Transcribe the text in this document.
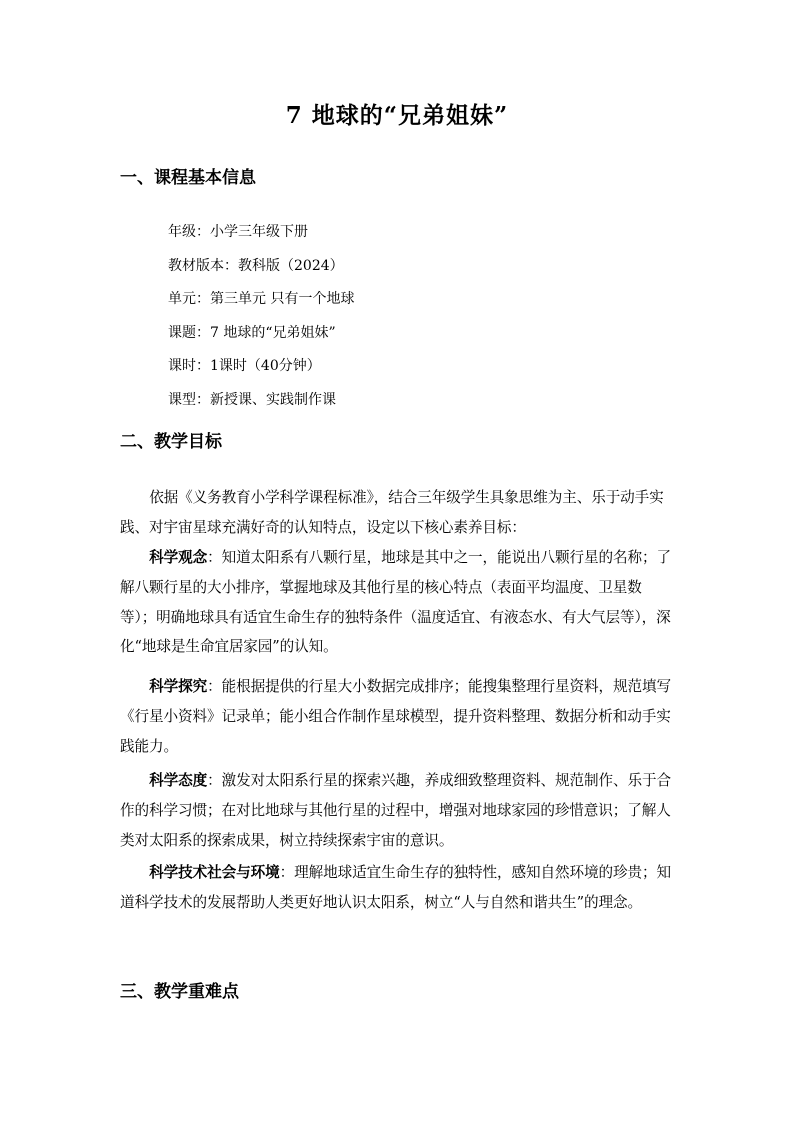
7 地球的“兄弟姐妹”
一、课程基本信息
年级：小学三年级下册
教材版本：教科版（2024）
单元：第三单元 只有一个地球
课题：7 地球的“兄弟姐妹”
课时：1课时（40分钟）
课型：新授课、实践制作课
二、教学目标

依据《义务教育小学科学课程标准》，结合三年级学生具象思维为主、乐于动手实践、对宇宙星球充满好奇的认知特点，设定以下核心素养目标：

科学观念：知道太阳系有八颗行星，地球是其中之一，能说出八颗行星的名称；了解八颗行星的大小排序，掌握地球及其他行星的核心特点（表面平均温度、卫星数等）；明确地球具有适宜生命生存的独特条件（温度适宜、有液态水、有大气层等），深化“地球是生命宜居家园”的认知。

科学探究：能根据提供的行星大小数据完成排序；能搜集整理行星资料，规范填写《行星小资料》记录单；能小组合作制作星球模型，提升资料整理、数据分析和动手实践能力。

科学态度：激发对太阳系行星的探索兴趣，养成细致整理资料、规范制作、乐于合作的科学习惯；在对比地球与其他行星的过程中，增强对地球家园的珍惜意识；了解人类对太阳系的探索成果，树立持续探索宇宙的意识。

科学技术社会与环境：理解地球适宜生命生存的独特性，感知自然环境的珍贵；知道科学技术的发展帮助人类更好地认识太阳系，树立“人与自然和谐共生”的理念。

三、教学重难点
